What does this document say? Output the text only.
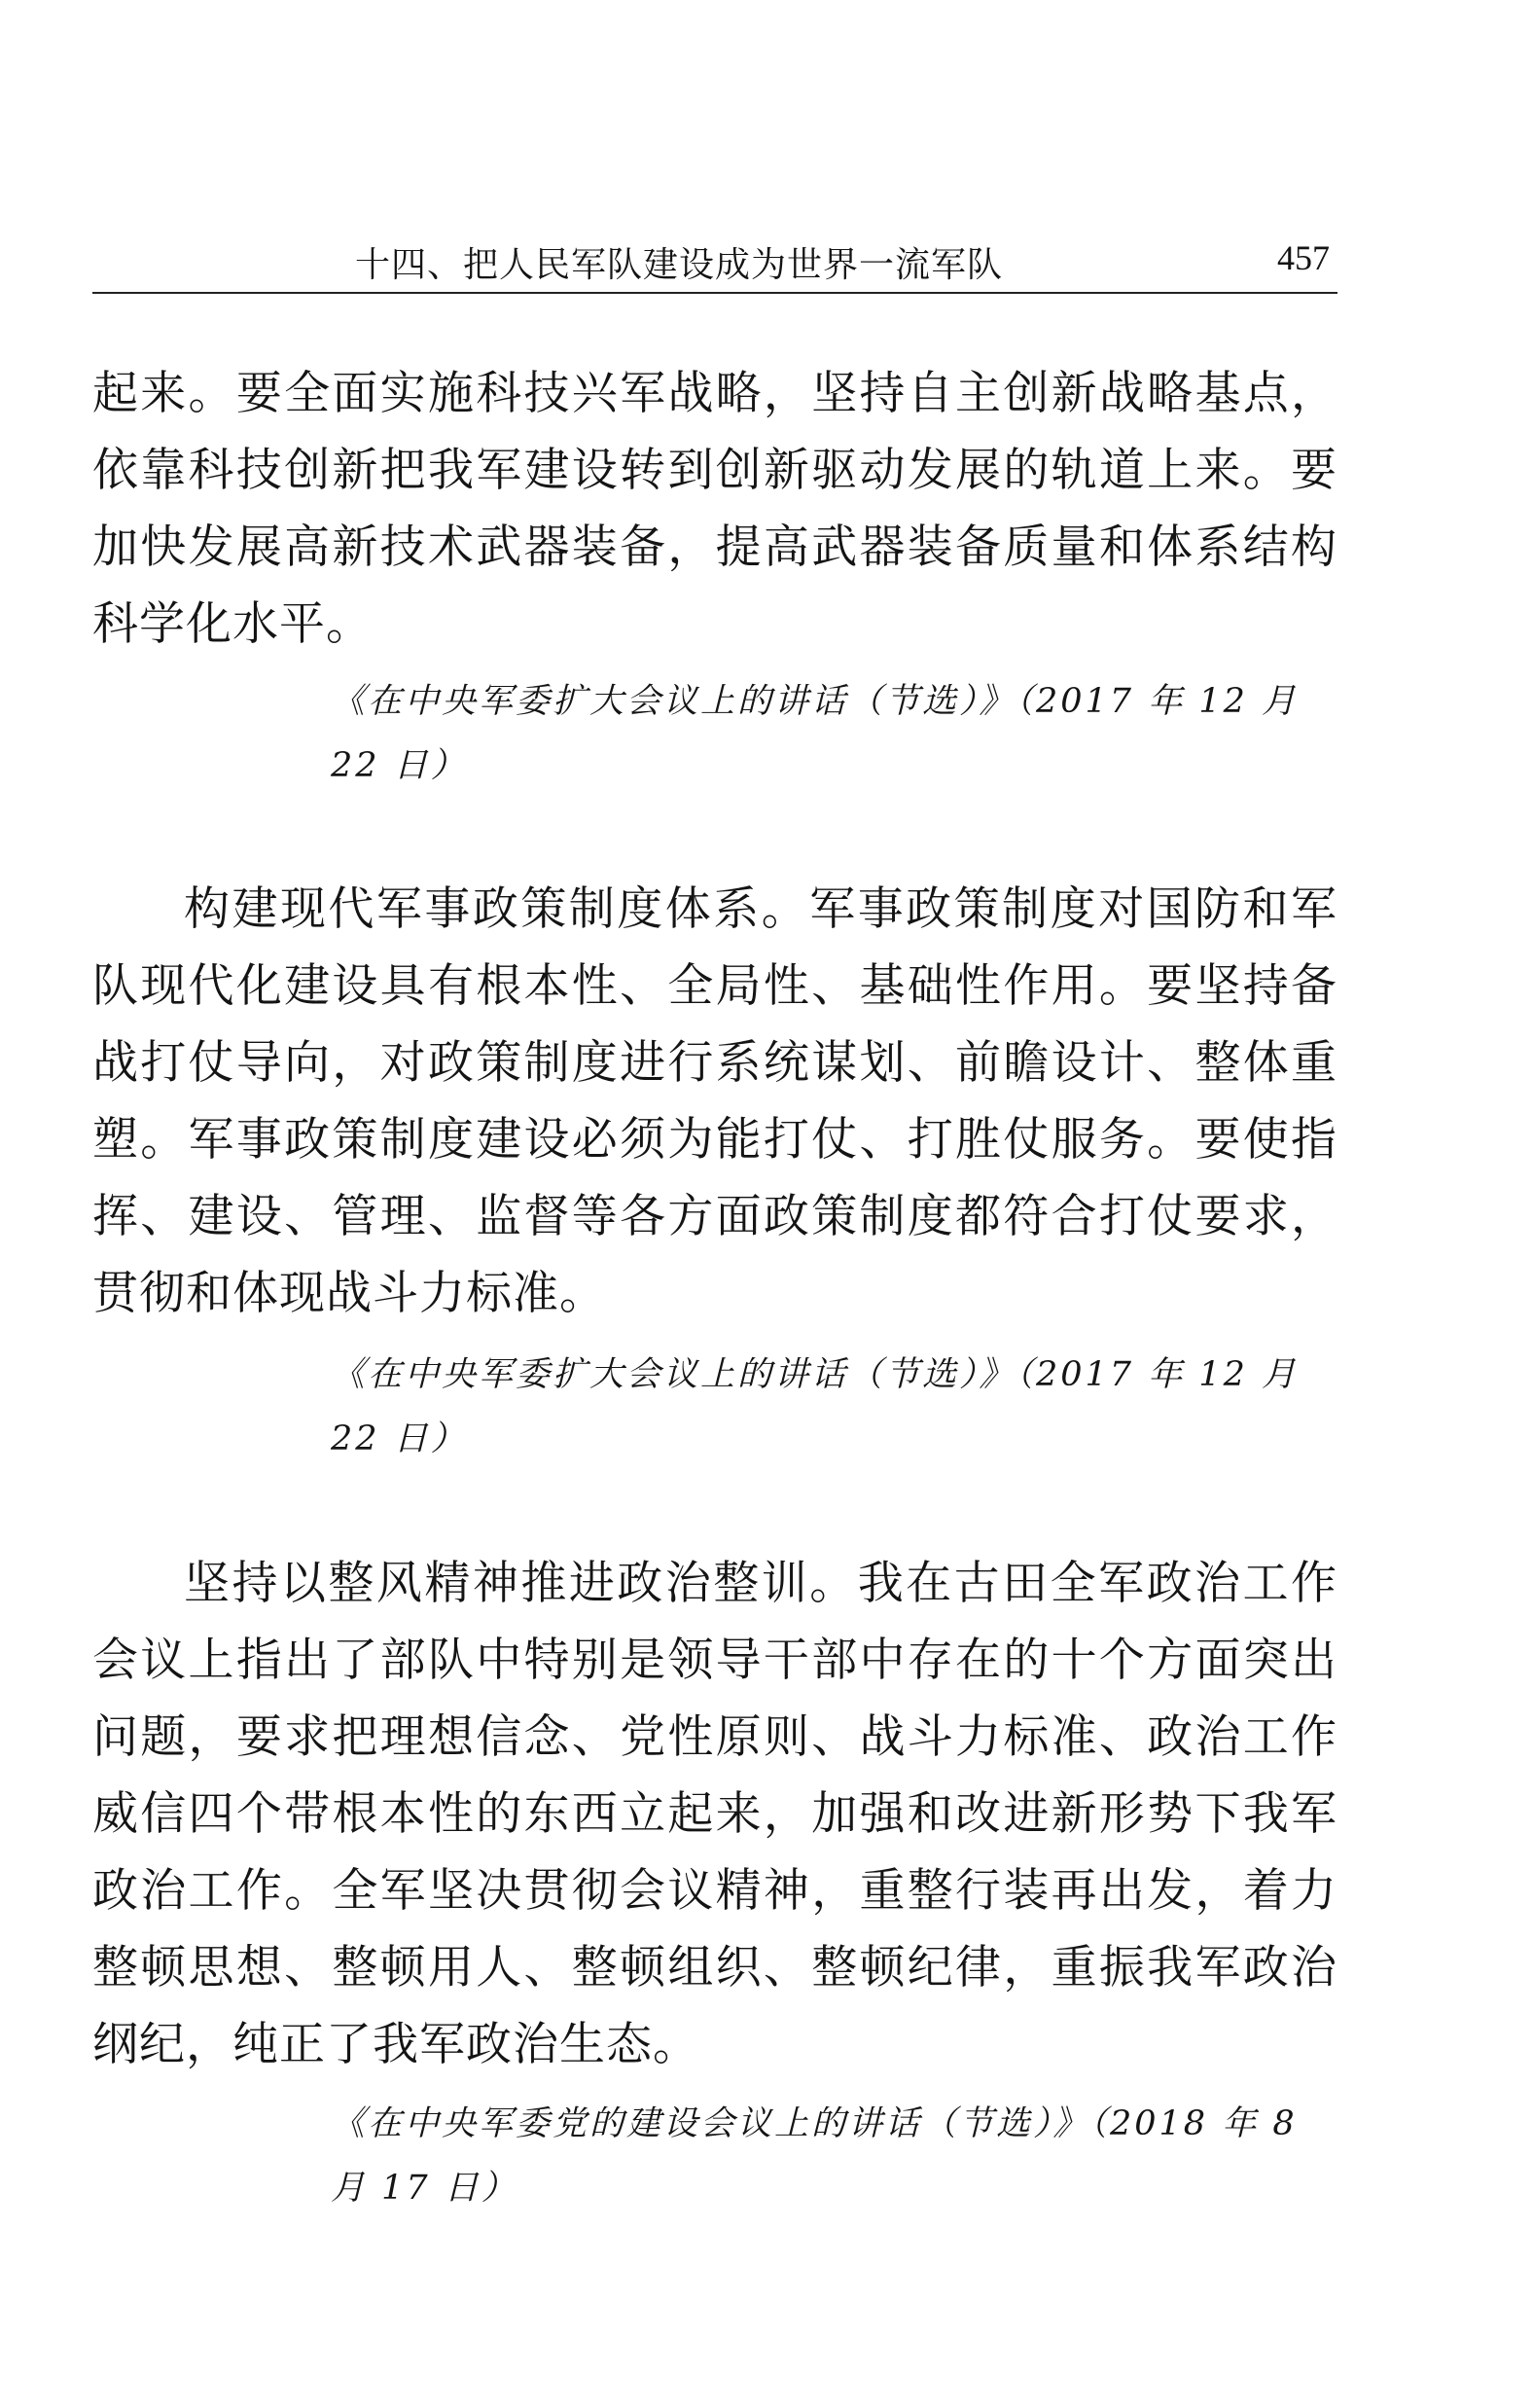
十四、把人民军队建设成为世界一流军队	457

起来。要全面实施科技兴军战略，坚持自主创新战略基点，依靠科技创新把我军建设转到创新驱动发展的轨道上来。要加快发展高新技术武器装备，提高武器装备质量和体系结构科学化水平。

《在中央军委扩大会议上的讲话（节选）》（2017 年 12 月 22 日）

构建现代军事政策制度体系。军事政策制度对国防和军队现代化建设具有根本性、全局性、基础性作用。要坚持备战打仗导向，对政策制度进行系统谋划、前瞻设计、整体重塑。军事政策制度建设必须为能打仗、打胜仗服务。要使指挥、建设、管理、监督等各方面政策制度都符合打仗要求，贯彻和体现战斗力标准。

《在中央军委扩大会议上的讲话（节选）》（2017 年 12 月 22 日）

坚持以整风精神推进政治整训。我在古田全军政治工作会议上指出了部队中特别是领导干部中存在的十个方面突出问题，要求把理想信念、党性原则、战斗力标准、政治工作威信四个带根本性的东西立起来，加强和改进新形势下我军政治工作。全军坚决贯彻会议精神，重整行装再出发，着力整顿思想、整顿用人、整顿组织、整顿纪律，重振我军政治纲纪，纯正了我军政治生态。

《在中央军委党的建设会议上的讲话（节选）》（2018 年 8 月 17 日）
